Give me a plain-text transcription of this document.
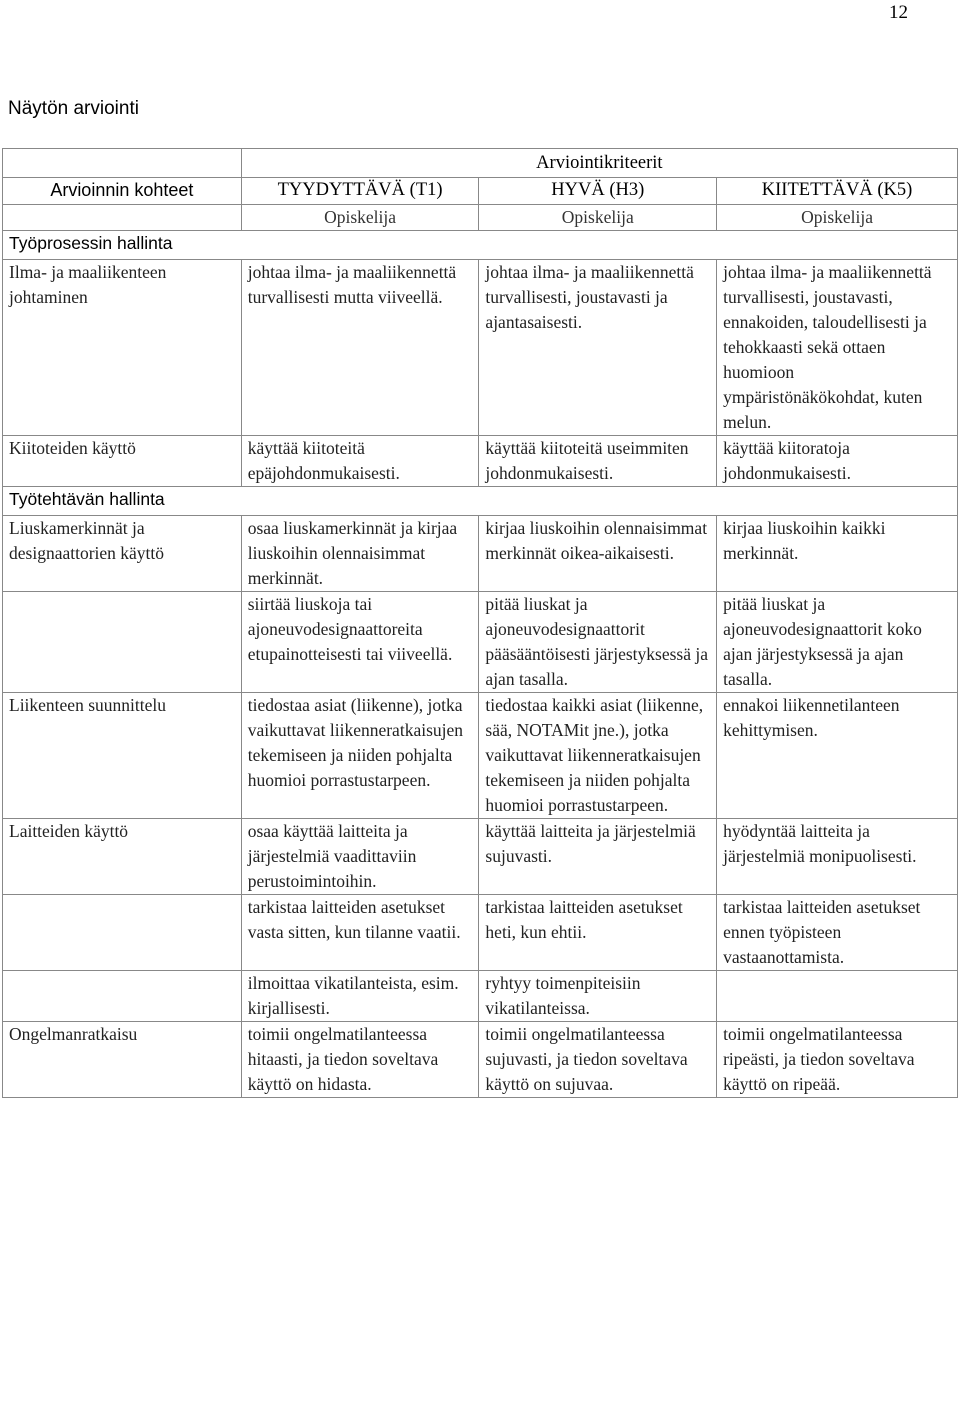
12
Näytön arviointi
	Arviointikriteerit		
Arvioinnin kohteet	TYYDYTTÄVÄ (T1)	HYVÄ (H3)	KIITETTÄVÄ (K5)
	Opiskelija	Opiskelija	Opiskelija
Työprosessin hallinta			
Ilma- ja maaliikenteen johtaminen	johtaa ilma- ja maaliikennettä turvallisesti mutta viiveellä.	johtaa ilma- ja maaliikennettä turvallisesti, joustavasti ja ajantasaisesti.	johtaa ilma- ja maaliikennettä turvallisesti, joustavasti, ennakoiden, taloudellisesti ja tehokkaasti sekä ottaen huomioon ympäristönäkökohdat, kuten melun.
Kiitoteiden käyttö	käyttää kiitoteitä epäjohdonmukaisesti.	käyttää kiitoteitä useimmiten johdonmukaisesti.	käyttää kiitoratoja johdonmukaisesti.
Työtehtävän hallinta			
Liuskamerkinnät ja designaattorien käyttö	osaa liuskamerkinnät ja kirjaa liuskoihin olennaisimmat merkinnät.	kirjaa liuskoihin olennaisimmat merkinnät oikea-aikaisesti.	kirjaa liuskoihin kaikki merkinnät.
	siirtää liuskoja tai ajoneuvodesignaattoreita etupainotteisesti tai viiveellä.	pitää liuskat ja ajoneuvodesignaattorit pääsääntöisesti järjestyksessä ja ajan tasalla.	pitää liuskat ja ajoneuvodesignaattorit koko ajan järjestyksessä ja ajan tasalla.
Liikenteen suunnittelu	tiedostaa asiat (liikenne), jotka vaikuttavat liikenneratkaisujen tekemiseen ja niiden pohjalta huomioi porrastustarpeen.	tiedostaa kaikki asiat (liikenne, sää, NOTAMit jne.), jotka vaikuttavat liikenneratkaisujen tekemiseen ja niiden pohjalta huomioi porrastustarpeen.	ennakoi liikennetilanteen kehittymisen.
Laitteiden käyttö	osaa käyttää laitteita ja järjestelmiä vaadittaviin perustoimintoihin.	käyttää laitteita ja järjestelmiä sujuvasti.	hyödyntää laitteita ja järjestelmiä monipuolisesti.
	tarkistaa laitteiden asetukset vasta sitten, kun tilanne vaatii.	tarkistaa laitteiden asetukset heti, kun ehtii.	tarkistaa laitteiden asetukset ennen työpisteen vastaanottamista.
	ilmoittaa vikatilanteista, esim. kirjallisesti.	ryhtyy toimenpiteisiin vikatilanteissa.	
Ongelmanratkaisu	toimii ongelmatilanteessa hitaasti, ja tiedon soveltava käyttö on hidasta.	toimii ongelmatilanteessa sujuvasti, ja tiedon soveltava käyttö on sujuvaa.	toimii ongelmatilanteessa ripeästi, ja tiedon soveltava käyttö on ripeää.
